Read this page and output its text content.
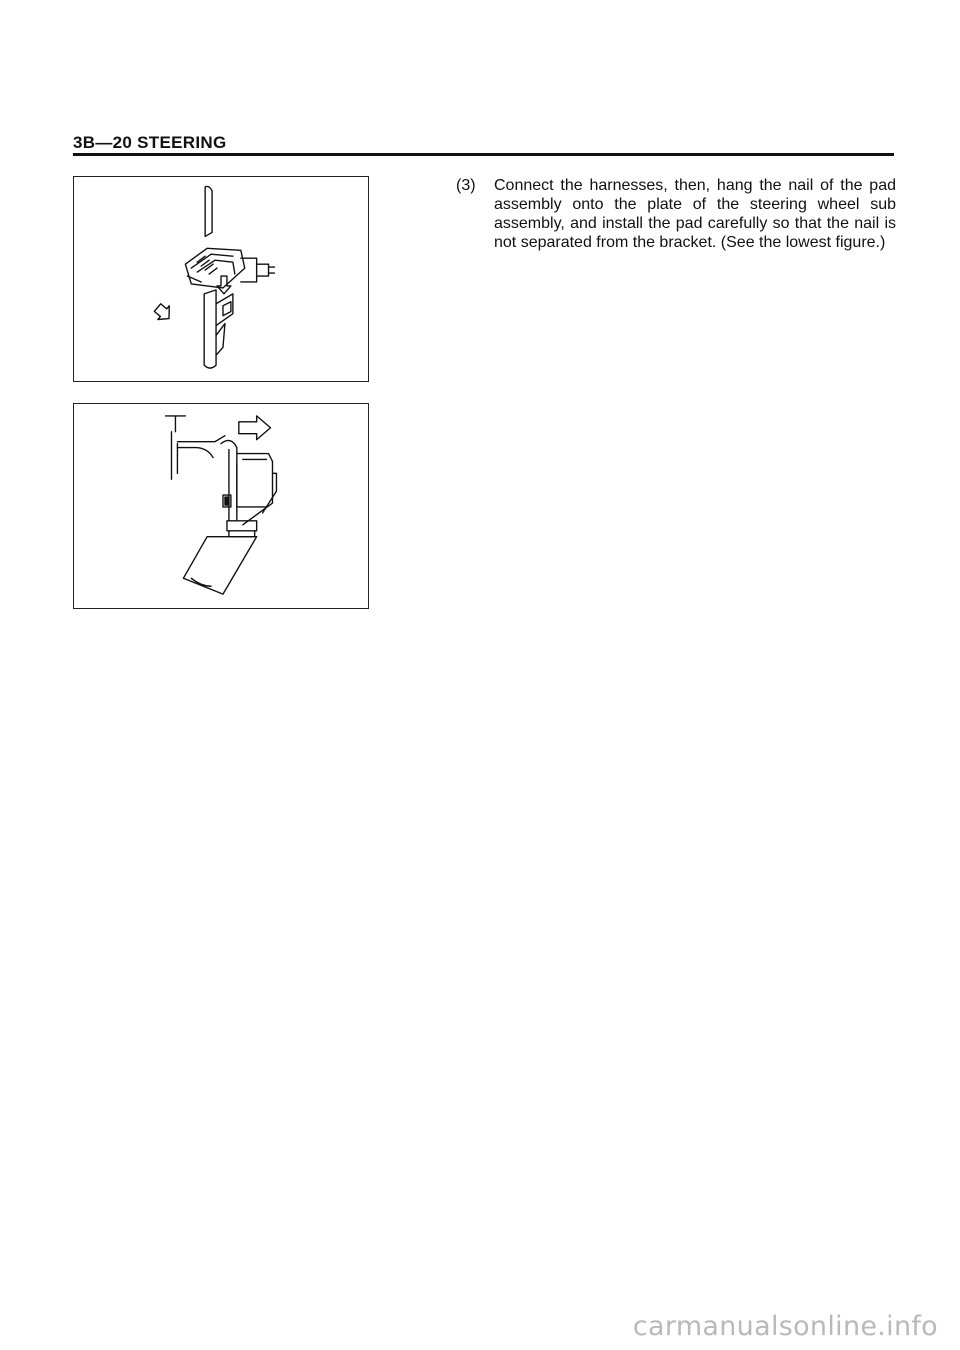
3B—20 STEERING
(3)	Connect the harnesses, then, hang the nail of the pad assembly onto the plate of the steering wheel sub assembly, and install the pad carefully so that the nail is not separated from the bracket. (See the lowest figure.)
carmanualsonline.info
